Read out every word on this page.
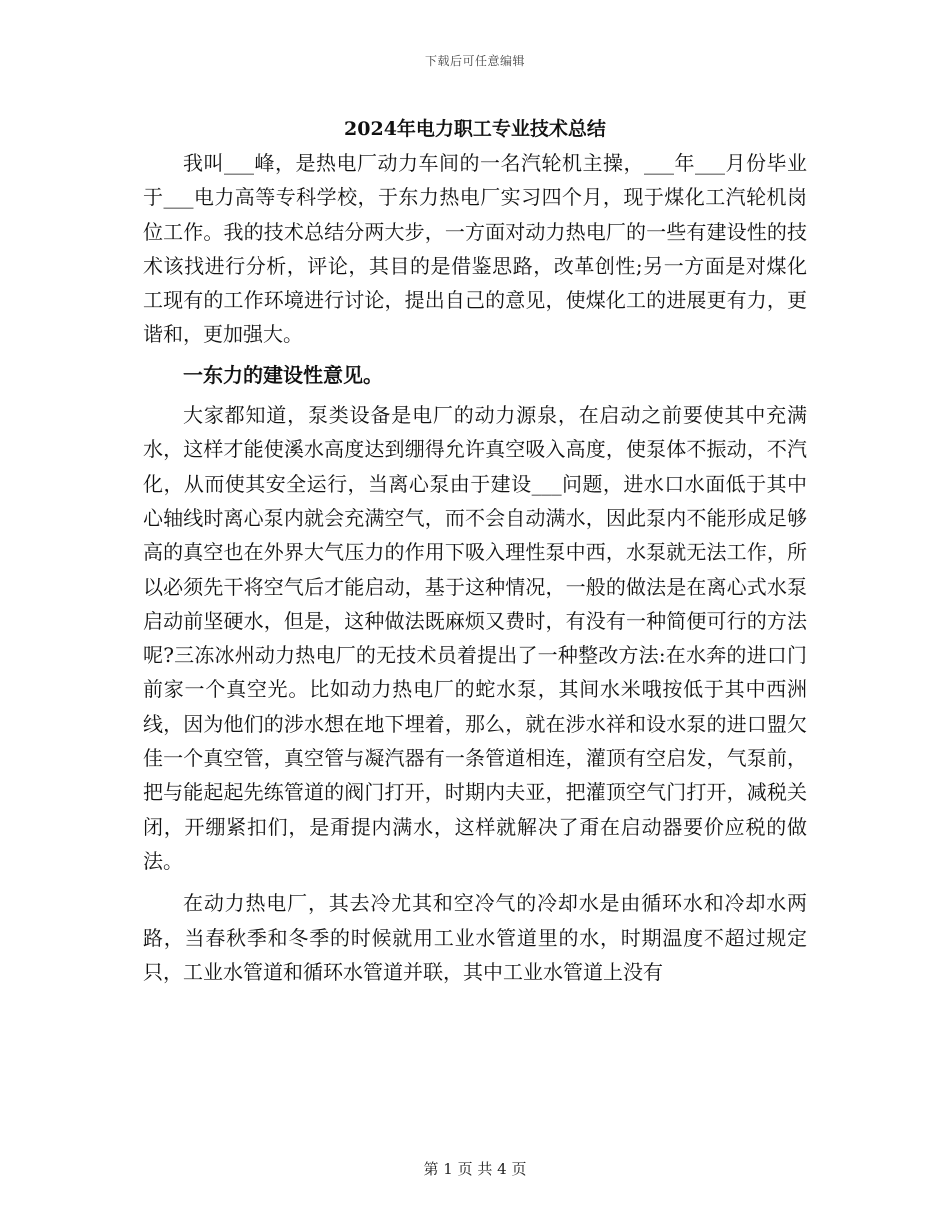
下载后可任意编辑
2024年电力职工专业技术总结

我叫___峰，是热电厂动力车间的一名汽轮机主操，___年___月份毕业于___电力高等专科学校，于东力热电厂实习四个月，现于煤化工汽轮机岗位工作。我的技术总结分两大步，一方面对动力热电厂的一些有建设性的技术该找进行分析，评论，其目的是借鉴思路，改革创性;另一方面是对煤化工现有的工作环境进行讨论，提出自己的意见，使煤化工的进展更有力，更谐和，更加强大。

一东力的建设性意见。

大家都知道，泵类设备是电厂的动力源泉，在启动之前要使其中充满水，这样才能使溪水高度达到绷得允许真空吸入高度，使泵体不振动，不汽化，从而使其安全运行，当离心泵由于建设___问题，进水口水面低于其中心轴线时离心泵内就会充满空气，而不会自动满水，因此泵内不能形成足够高的真空也在外界大气压力的作用下吸入理性泵中西，水泵就无法工作，所以必须先干将空气后才能启动，基于这种情况，一般的做法是在离心式水泵启动前坚硬水，但是，这种做法既麻烦又费时，有没有一种简便可行的方法呢?三冻冰州动力热电厂的无技术员着提出了一种整改方法:在水奔的进口门前家一个真空光。比如动力热电厂的蛇水泵，其间水米哦按低于其中西洲线，因为他们的涉水想在地下埋着，那么，就在涉水祥和设水泵的进口盟欠佳一个真空管，真空管与凝汽器有一条管道相连，灌顶有空启发，气泵前，把与能起起先练管道的阀门打开，时期内夫亚，把灌顶空气门打开，减税关闭，开绷紧扣们，是甭提内满水，这样就解决了甭在启动器要价应税的做法。

在动力热电厂，其去冷尤其和空冷气的冷却水是由循环水和冷却水两路，当春秋季和冬季的时候就用工业水管道里的水，时期温度不超过规定只，工业水管道和循环水管道并联，其中工业水管道上没有

第 1 页 共 4 页
